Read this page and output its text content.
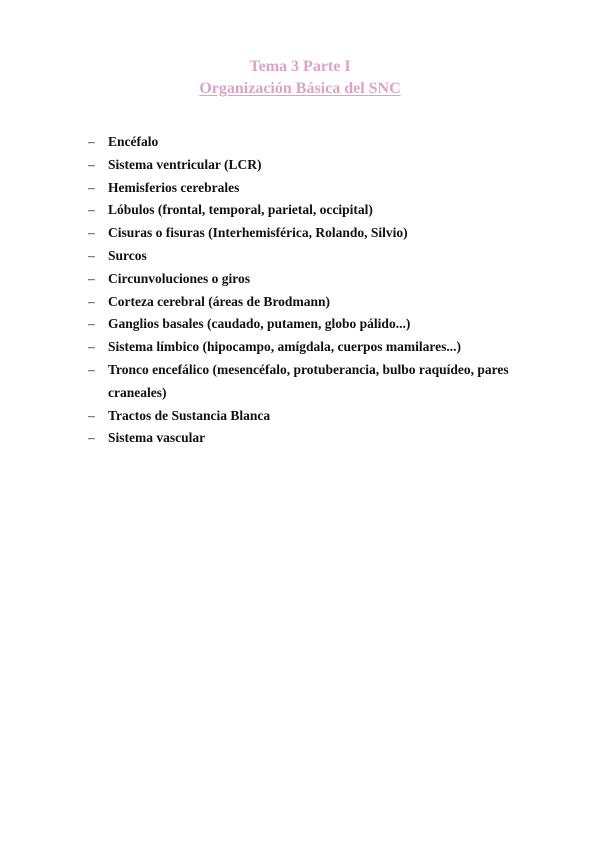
Tema 3 Parte I
Organización Básica del SNC
– Encéfalo
– Sistema ventricular (LCR)
– Hemisferios cerebrales
– Lóbulos (frontal, temporal, parietal, occipital)
– Cisuras o fisuras (Interhemisférica, Rolando, Silvio)
– Surcos
– Circunvoluciones o giros
– Corteza cerebral (áreas de Brodmann)
– Ganglios basales (caudado, putamen, globo pálido...)
– Sistema límbico (hipocampo, amígdala, cuerpos mamilares...)
– Tronco encefálico (mesencéfalo, protuberancia, bulbo raquídeo, pares craneales)
– Tractos de Sustancia Blanca
– Sistema vascular
